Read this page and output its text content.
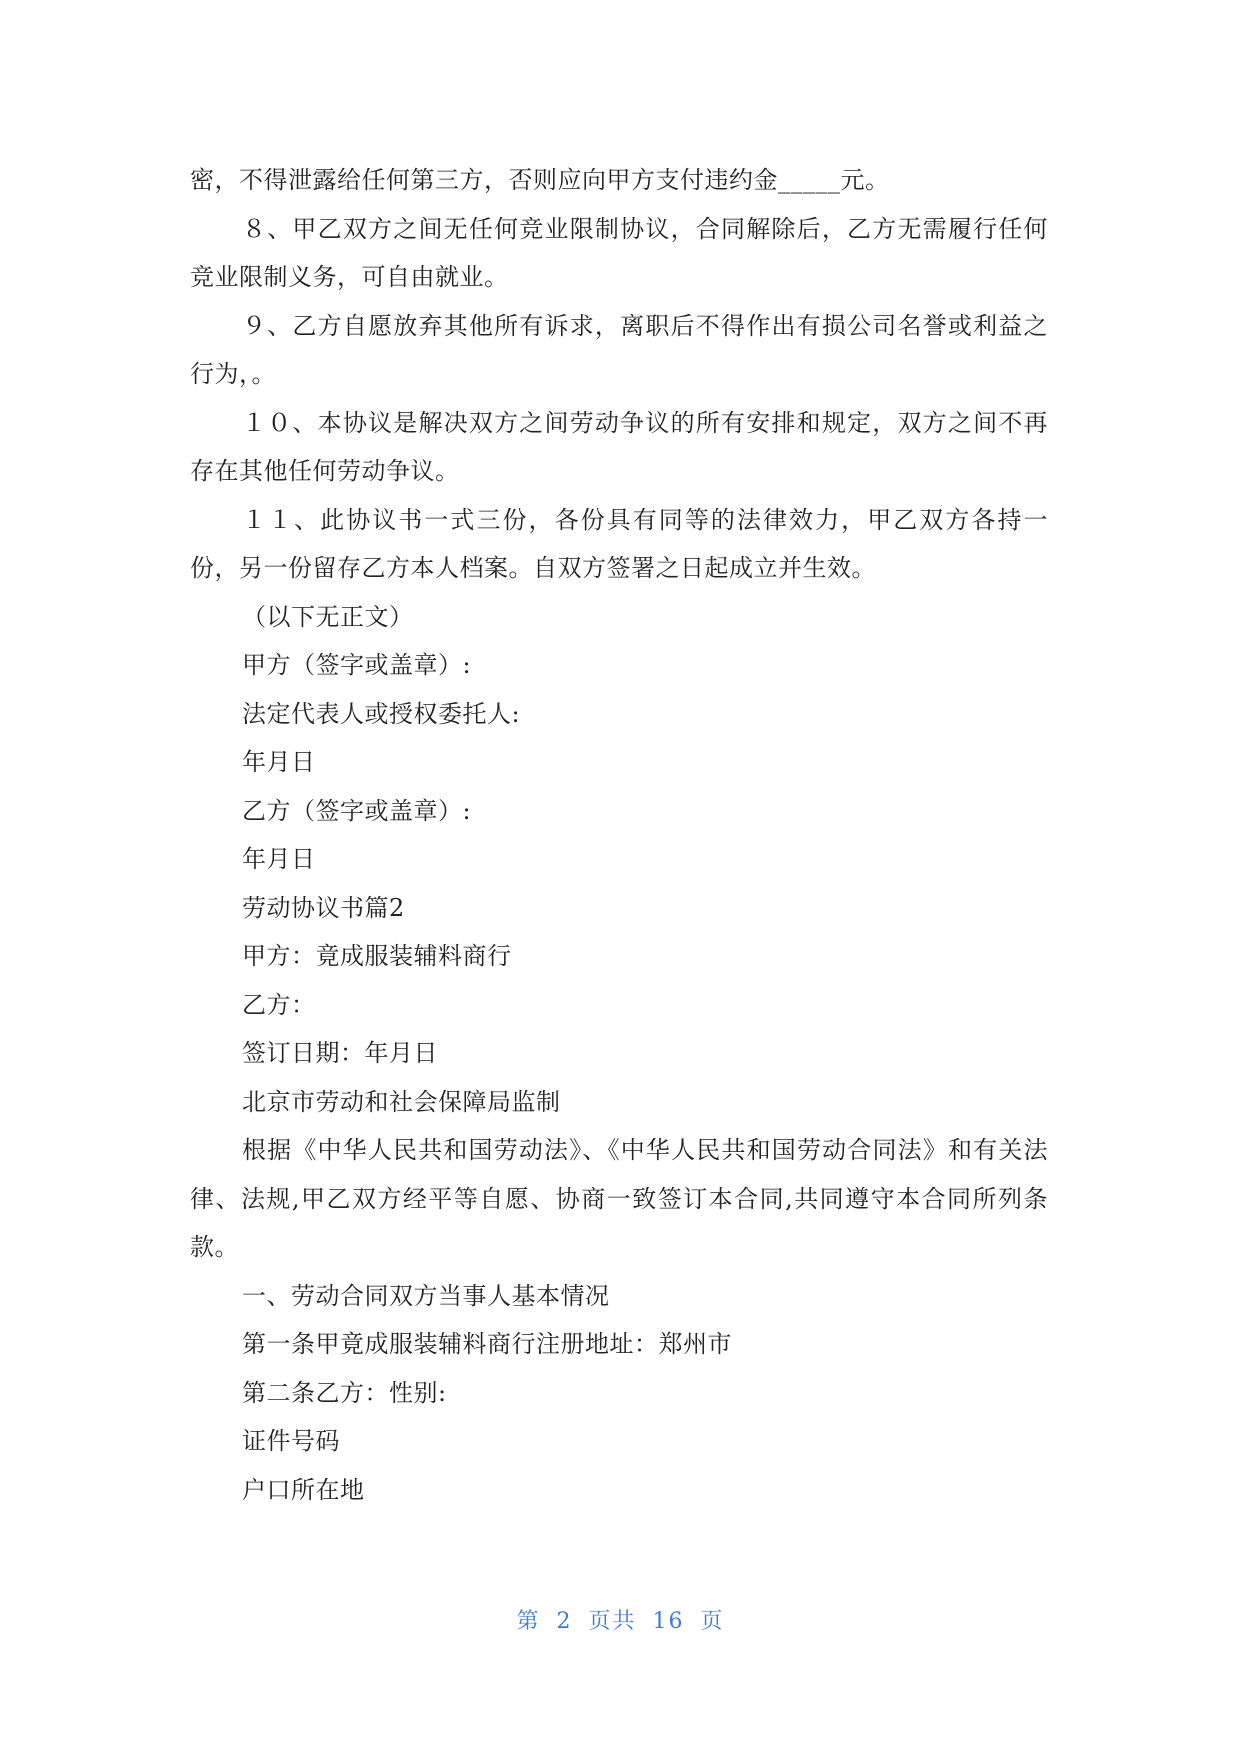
密，不得泄露给任何第三方，否则应向甲方支付违约金_____元。

８、甲乙双方之间无任何竞业限制协议，合同解除后，乙方无需履行任何竞业限制义务，可自由就业。

９、乙方自愿放弃其他所有诉求，离职后不得作出有损公司名誉或利益之行为，。

１０、本协议是解决双方之间劳动争议的所有安排和规定，双方之间不再存在其他任何劳动争议。

１１、此协议书一式三份，各份具有同等的法律效力，甲乙双方各持一份，另一份留存乙方本人档案。自双方签署之日起成立并生效。

（以下无正文）

甲方（签字或盖章）:

法定代表人或授权委托人:

年月日

乙方（签字或盖章）:

年月日

劳动协议书篇2

甲方：竟成服装辅料商行

乙方：

签订日期：年月日

北京市劳动和社会保障局监制

根据《中华人民共和国劳动法》、《中华人民共和国劳动合同法》和有关法律、法规,甲乙双方经平等自愿、协商一致签订本合同,共同遵守本合同所列条款。

一、劳动合同双方当事人基本情况

第一条甲竟成服装辅料商行注册地址：郑州市

第二条乙方：性别:

证件号码

户口所在地

第 2 页共 16 页
